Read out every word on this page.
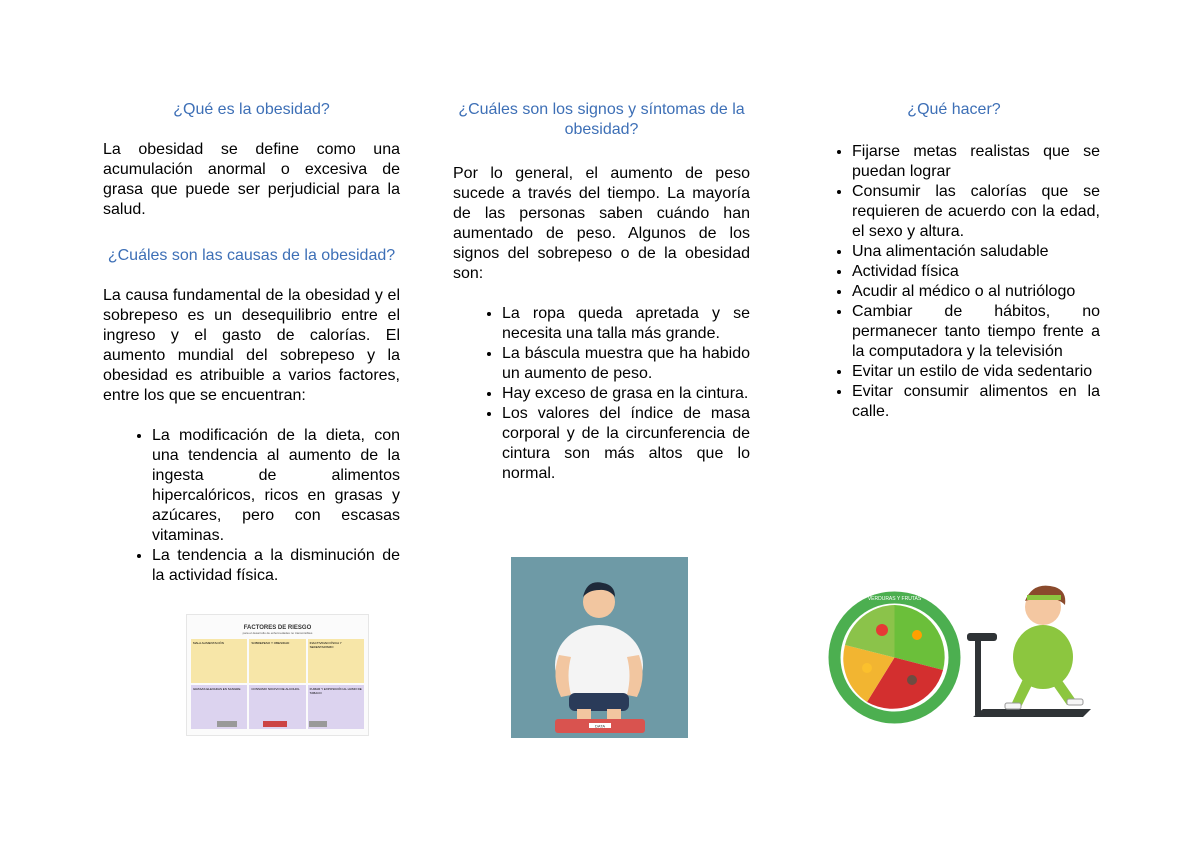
¿Qué es la obesidad?

La obesidad se define como una acumulación anormal o excesiva de grasa que puede ser perjudicial para la salud.

¿Cuáles son las causas de la obesidad?

La causa fundamental de la obesidad y el sobrepeso es un desequilibrio entre el ingreso y el gasto de calorías. El aumento mundial del sobrepeso y la obesidad es atribuible a varios factores, entre los que se encuentran:

• La modificación de la dieta, con una tendencia al aumento de la ingesta de alimentos hipercalóricos, ricos en grasas y azúcares, pero con escasas vitaminas.
• La tendencia a la disminución de la actividad física.
¿Cuáles son los signos y síntomas de la obesidad?

Por lo general, el aumento de peso sucede a través del tiempo. La mayoría de las personas saben cuándo han aumentado de peso. Algunos de los signos del sobrepeso o de la obesidad son:

• La ropa queda apretada y se necesita una talla más grande.
• La báscula muestra que ha habido un aumento de peso.
• Hay exceso de grasa en la cintura.
• Los valores del índice de masa corporal y de la circunferencia de cintura son más altos que lo normal.
¿Qué hacer?
• Fijarse metas realistas que se puedan lograr
• Consumir las calorías que se requieren de acuerdo con la edad, el sexo y altura.
• Una alimentación saludable
• Actividad física
• Acudir al médico o al nutriólogo
• Cambiar de hábitos, no permanecer tanto tiempo frente a la computadora y la televisión
• Evitar un estilo de vida sedentario
• Evitar consumir alimentos en la calle.
FACTORES DE RIESGO
para el desarrollo de enfermedades no transmisibles
MALA ALIMENTACIÓN	SOBREPESO Y OBESIDAD	INACTIVIDAD FÍSICA Y SEDENTARISMO
GRASAS ELEVADAS EN SANGRE	CONSUMO NOCIVO DE ALCOHOL	FUMAR Y EXPOSICIÓN AL HUMO DE TABACO
DATA
VERDURAS Y FRUTAS
